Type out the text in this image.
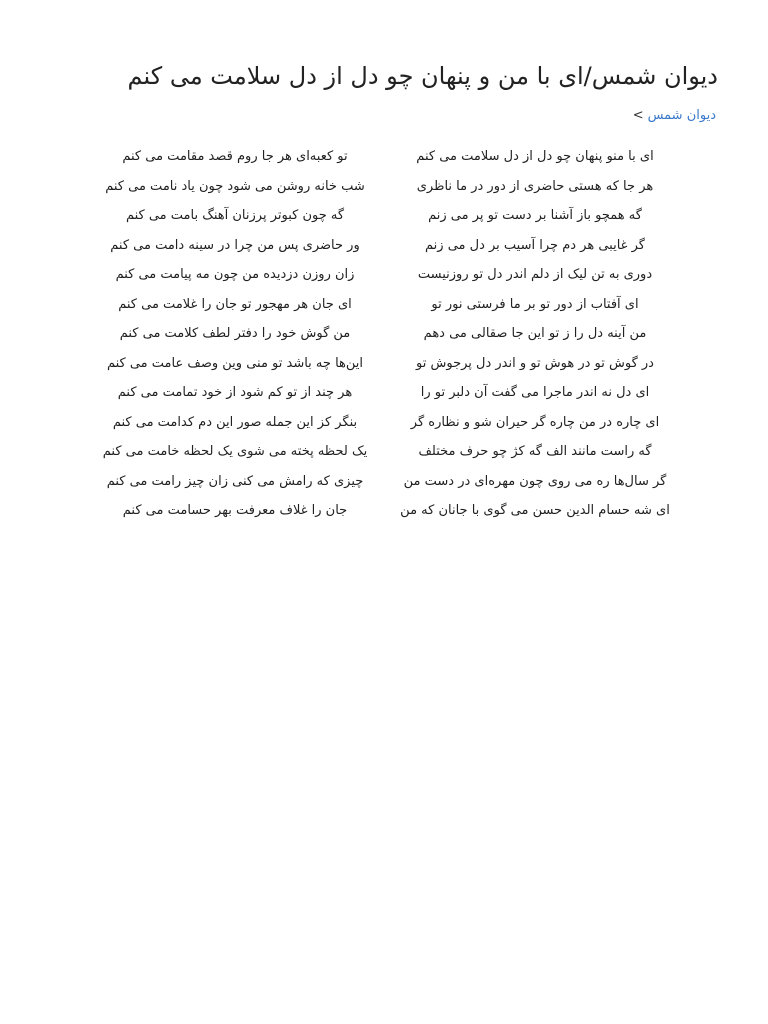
دیوان شمس/ای با من و پنهان چو دل از دل سلامت می کنم
دیوان شمس>
ای با منو پنهان چو دل از دل سلامت می کنم
تو کعبه‌ای هر جا روم قصد مقامت می کنم
هر جا که هستی حاضری از دور در ما ناظری
شب خانه روشن می شود چون یاد نامت می کنم
گه همچو باز آشنا بر دست تو پر می زنم
گه چون کبوتر پرزنان آهنگ بامت می کنم
گر غایبی هر دم چرا آسیب بر دل می زنم
ور حاضری پس من چرا در سینه دامت می کنم
دوری به تن لیک از دلم اندر دل تو روزنیست
زان روزن دزدیده من چون مه پیامت می کنم
ای آفتاب از دور تو بر ما فرستی نور تو
ای جان هر مهجور تو جان را غلامت می کنم
من آینه دل را ز تو این جا صقالی می دهم
من گوش خود را دفتر لطف کلامت می کنم
در گوش تو در هوش تو و اندر دل پرجوش تو
این‌ها چه باشد تو منی وین وصف عامت می کنم
ای دل نه اندر ماجرا می گفت آن دلبر تو را
هر چند از تو کم شود از خود تمامت می کنم
ای چاره در من چاره گر حیران شو و نظاره گر
بنگر کز این جمله صور این دم کدامت می کنم
گه راست مانند الف گه کژ چو حرف مختلف
یک لحظه پخته می شوی یک لحظه خامت می کنم
گر سال‌ها ره می روی چون مهره‌ای در دست من
چیزی که رامش می کنی زان چیز رامت می کنم
ای شه حسام الدین حسن می گوی با جانان که من
جان را غلاف معرفت بهر حسامت می کنم
